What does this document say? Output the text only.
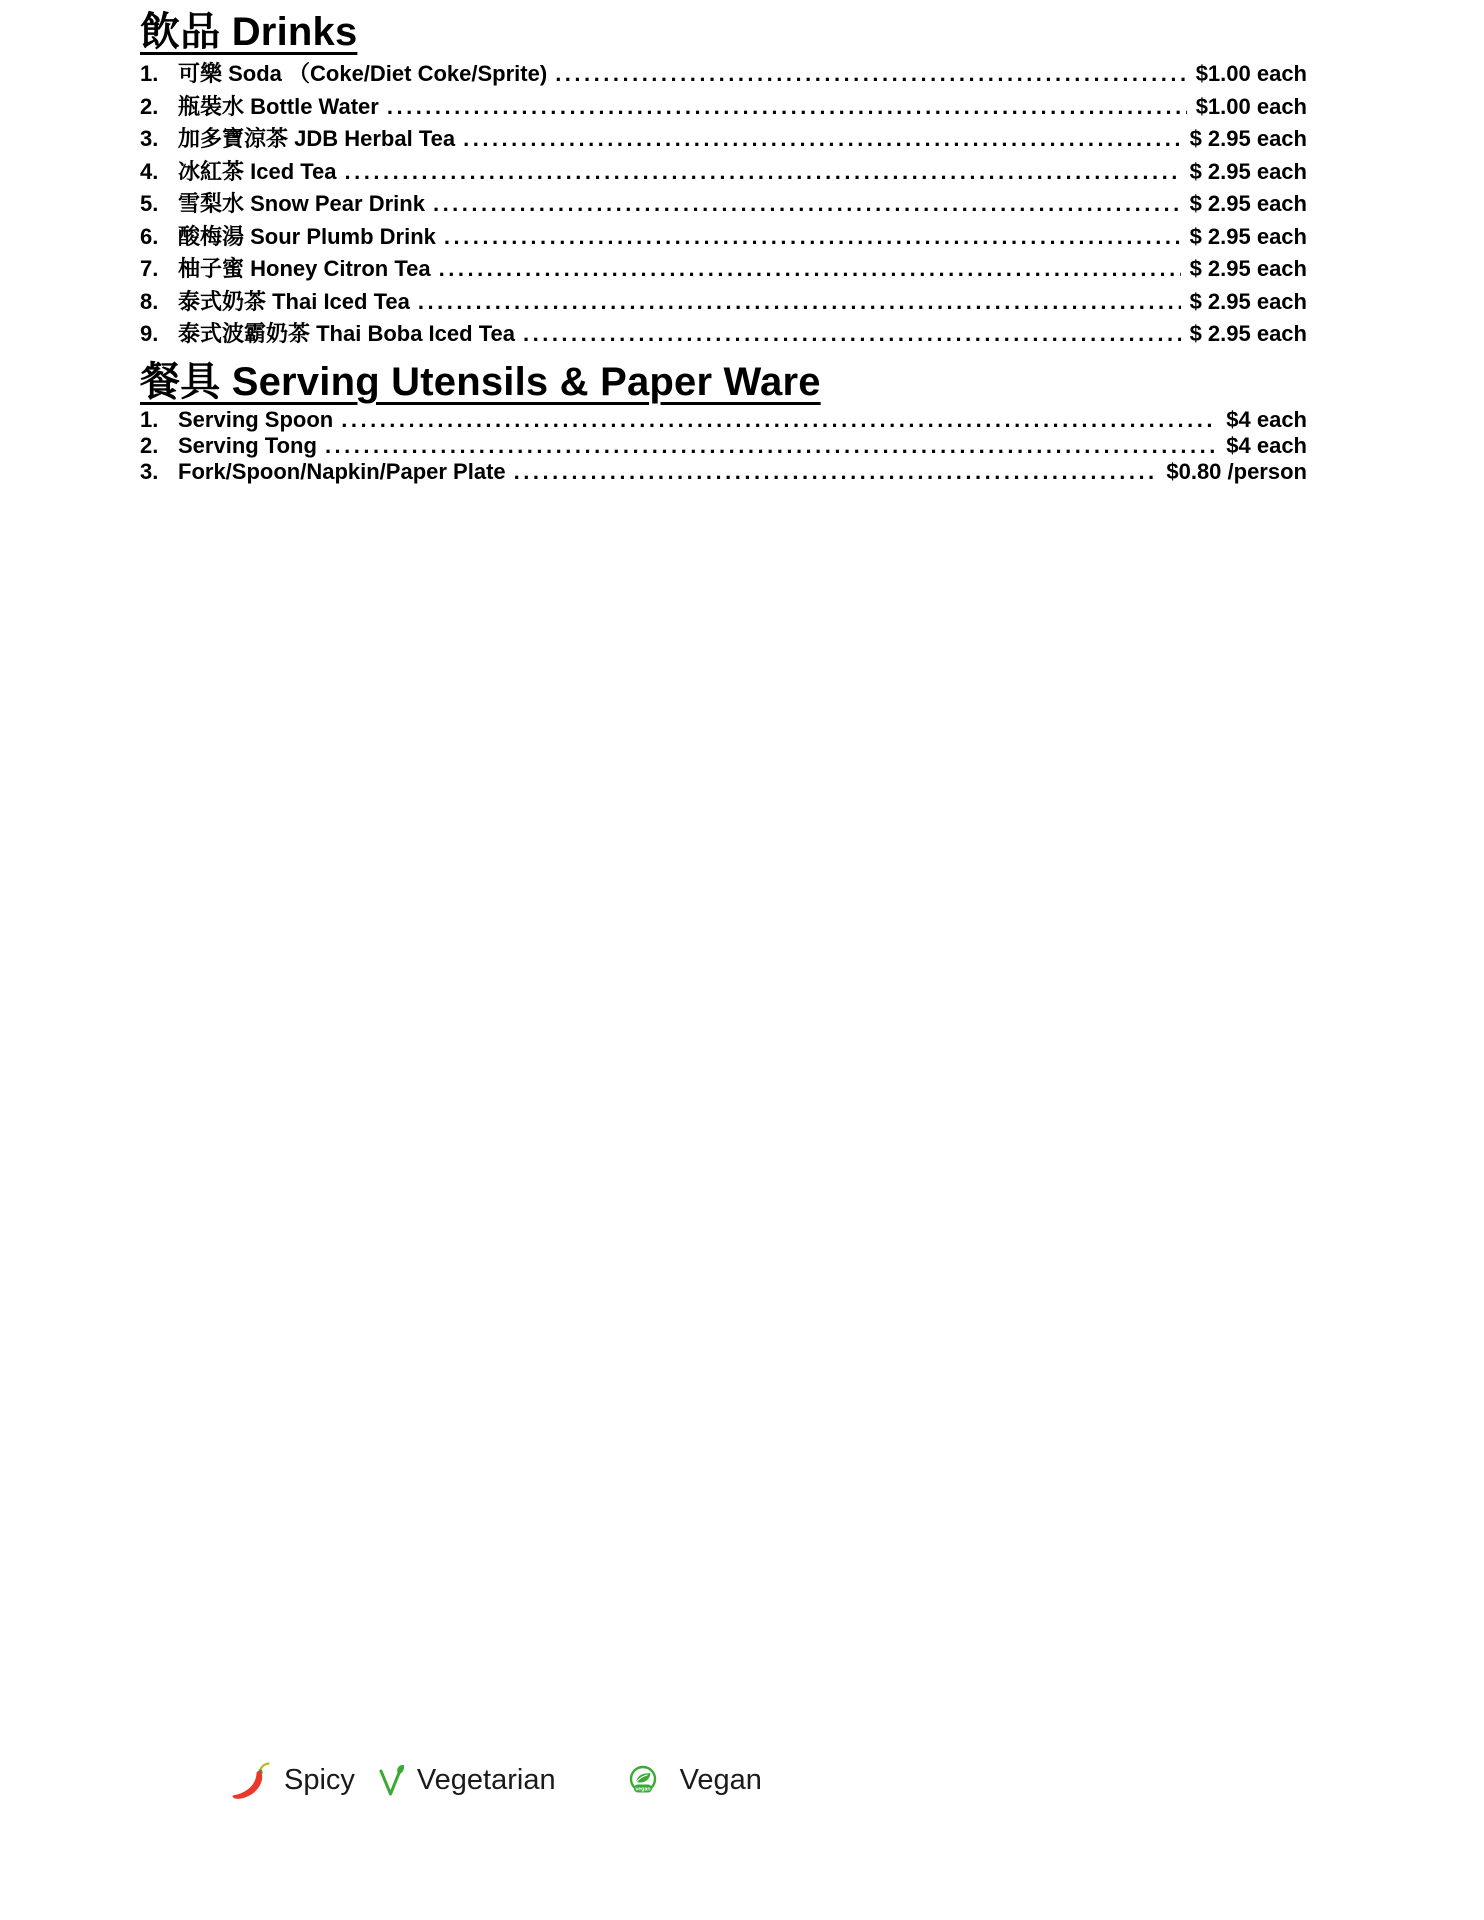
飲品 Drinks
1. 可樂 Soda （Coke/Diet Coke/Sprite) .....	$1.00 each
2. 瓶裝水 Bottle Water .....	$1.00 each
3. 加多寶涼茶 JDB Herbal Tea .....	$ 2.95 each
4. 冰紅茶 Iced Tea .....	$ 2.95 each
5. 雪梨水 Snow Pear Drink .....	$ 2.95 each
6. 酸梅湯 Sour Plumb Drink .....	$ 2.95 each
7. 柚子蜜 Honey Citron Tea .....	$ 2.95 each
8. 泰式奶茶 Thai Iced Tea .....	$ 2.95 each
9. 泰式波霸奶茶 Thai Boba Iced Tea .....	$ 2.95 each
餐具 Serving Utensils & Paper Ware
1. Serving Spoon .....	$4 each
2. Serving Tong .....	$4 each
3. Fork/Spoon/Napkin/Paper Plate .....	$0.80 /person
Spicy Vegetarian	vegan Vegan
